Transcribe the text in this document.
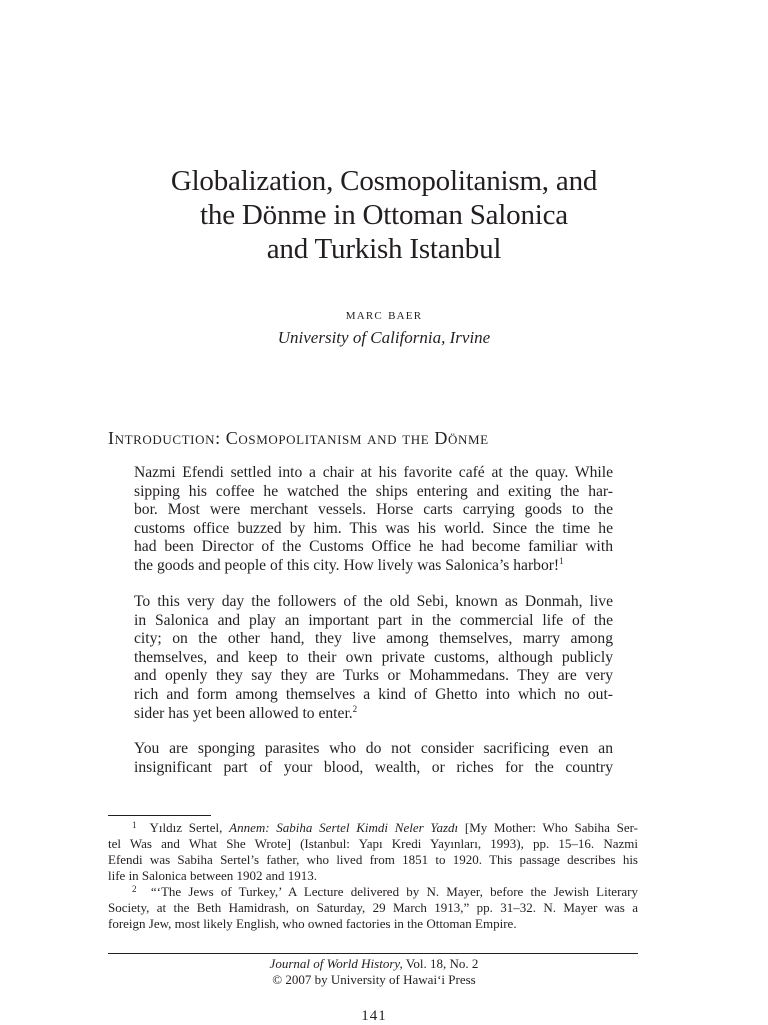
Globalization, Cosmopolitanism, and
the Dönme in Ottoman Salonica
and Turkish Istanbul
marc baer
University of California, Irvine
Introduction: Cosmopolitanism and the Dönme
Nazmi Efendi settled into a chair at his favorite café at the quay. While
sipping his coffee he watched the ships entering and exiting the har-
bor. Most were merchant vessels. Horse carts carrying goods to the
customs office buzzed by him. This was his world. Since the time he
had been Director of the Customs Office he had become familiar with
the goods and people of this city. How lively was Salonica’s harbor!$^1$
To this very day the followers of the old Sebi, known as Donmah, live
in Salonica and play an important part in the commercial life of the
city; on the other hand, they live among themselves, marry among
themselves, and keep to their own private customs, although publicly
and openly they say they are Turks or Mohammedans. They are very
rich and form among themselves a kind of Ghetto into which no out-
sider has yet been allowed to enter.$^2$
You are sponging parasites who do not consider sacrificing even an
insignificant part of your blood, wealth, or riches for the country
1 Yıldız Sertel, Annem: Sabiha Sertel Kimdi Neler Yazdı [My Mother: Who Sabiha Ser-
tel Was and What She Wrote] (Istanbul: Yapı Kredi Yayınları, 1993), pp. 15–16. Nazmi
Efendi was Sabiha Sertel’s father, who lived from 1851 to 1920. This passage describes his
life in Salonica between 1902 and 1913.
2 “‘The Jews of Turkey,’ A Lecture delivered by N. Mayer, before the Jewish Literary
Society, at the Beth Hamidrash, on Saturday, 29 March 1913,” pp. 31–32. N. Mayer was a
foreign Jew, most likely English, who owned factories in the Ottoman Empire.
Journal of World History, Vol. 18, No. 2
© 2007 by University of Hawai‘i Press
141
